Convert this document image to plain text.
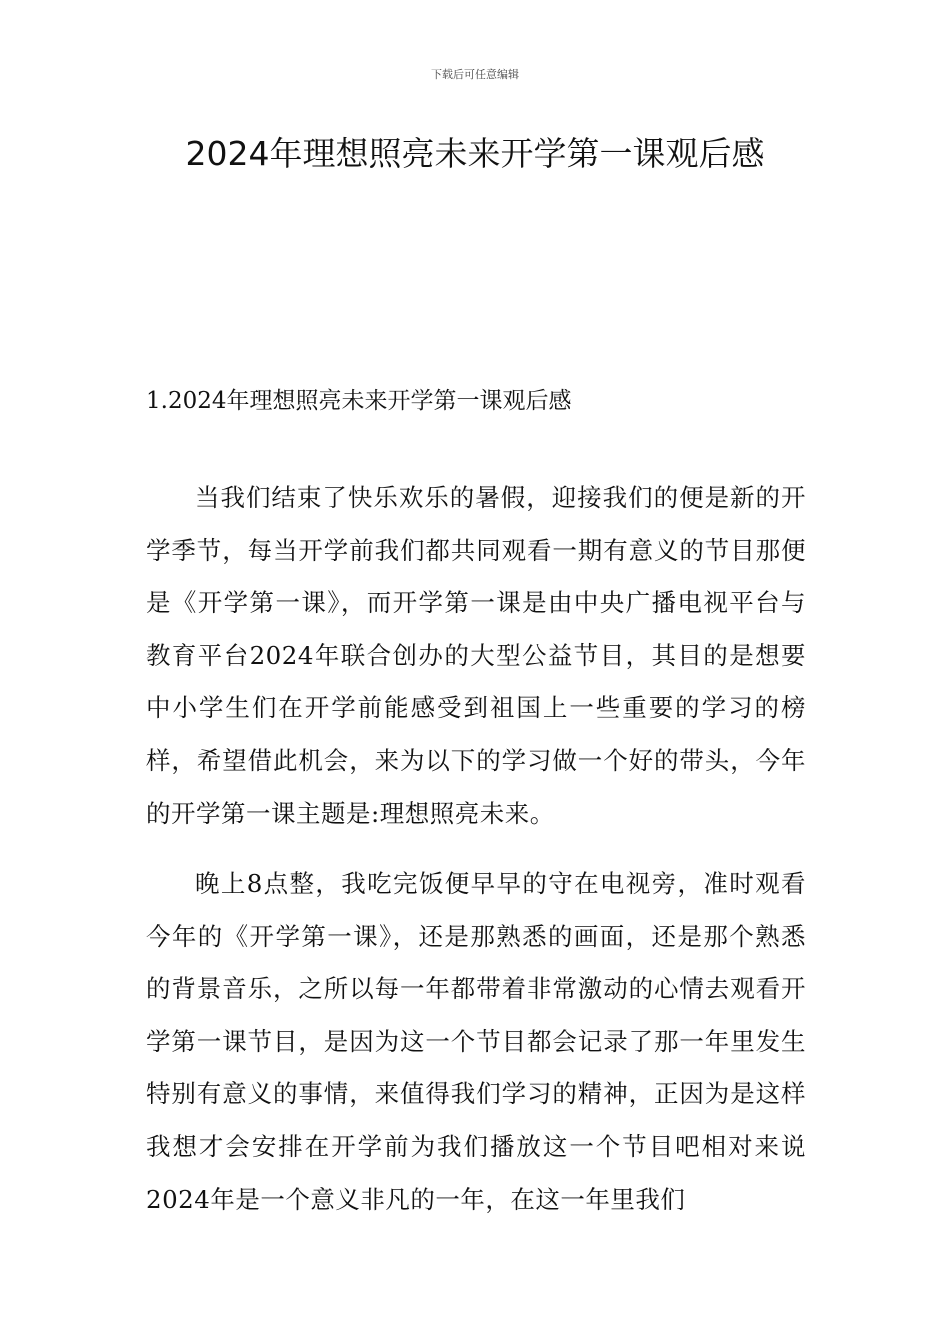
下载后可任意编辑
2024年理想照亮未来开学第一课观后感
1.2024年理想照亮未来开学第一课观后感

当我们结束了快乐欢乐的暑假，迎接我们的便是新的开学季节，每当开学前我们都共同观看一期有意义的节目那便是《开学第一课》，而开学第一课是由中央广播电视平台与教育平台2024年联合创办的大型公益节目，其目的是想要中小学生们在开学前能感受到祖国上一些重要的学习的榜样，希望借此机会，来为以下的学习做一个好的带头，今年的开学第一课主题是:理想照亮未来。

晚上8点整，我吃完饭便早早的守在电视旁，准时观看今年的《开学第一课》，还是那熟悉的画面，还是那个熟悉的背景音乐，之所以每一年都带着非常激动的心情去观看开学第一课节目，是因为这一个节目都会记录了那一年里发生特别有意义的事情，来值得我们学习的精神，正因为是这样我想才会安排在开学前为我们播放这一个节目吧相对来说2024年是一个意义非凡的一年，在这一年里我们
